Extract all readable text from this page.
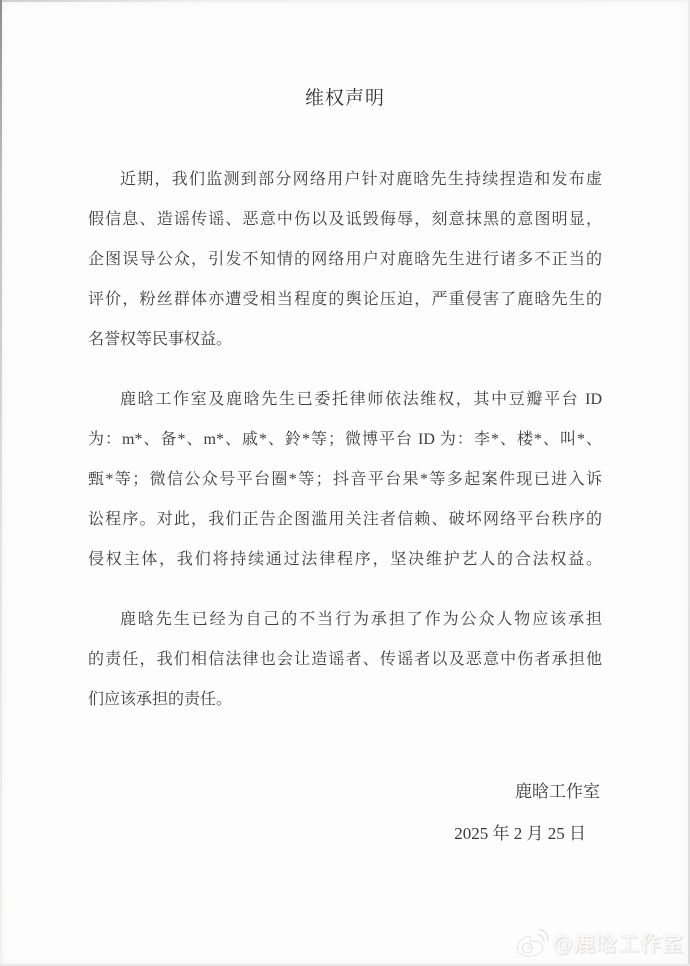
维权声明
近期，我们监测到部分网络用户针对鹿晗先生持续捏造和发布虚
假信息、造谣传谣、恶意中伤以及诋毁侮辱，刻意抹黑的意图明显，
企图误导公众，引发不知情的网络用户对鹿晗先生进行诸多不正当的
评价，粉丝群体亦遭受相当程度的舆论压迫，严重侵害了鹿晗先生的
名誉权等民事权益。
鹿晗工作室及鹿晗先生已委托律师依法维权，其中豆瓣平台 ID
为：m*、备*、m*、戚*、鈴*等；微博平台 ID 为：李*、楼*、叫*、
甄*等；微信公众号平台圈*等；抖音平台果*等多起案件现已进入诉
讼程序。对此，我们正告企图滥用关注者信赖、破坏网络平台秩序的
侵权主体，我们将持续通过法律程序，坚决维护艺人的合法权益。
鹿晗先生已经为自己的不当行为承担了作为公众人物应该承担
的责任，我们相信法律也会让造谣者、传谣者以及恶意中伤者承担他
们应该承担的责任。
鹿晗工作室
2025 年 2 月 25 日
@鹿晗工作室
